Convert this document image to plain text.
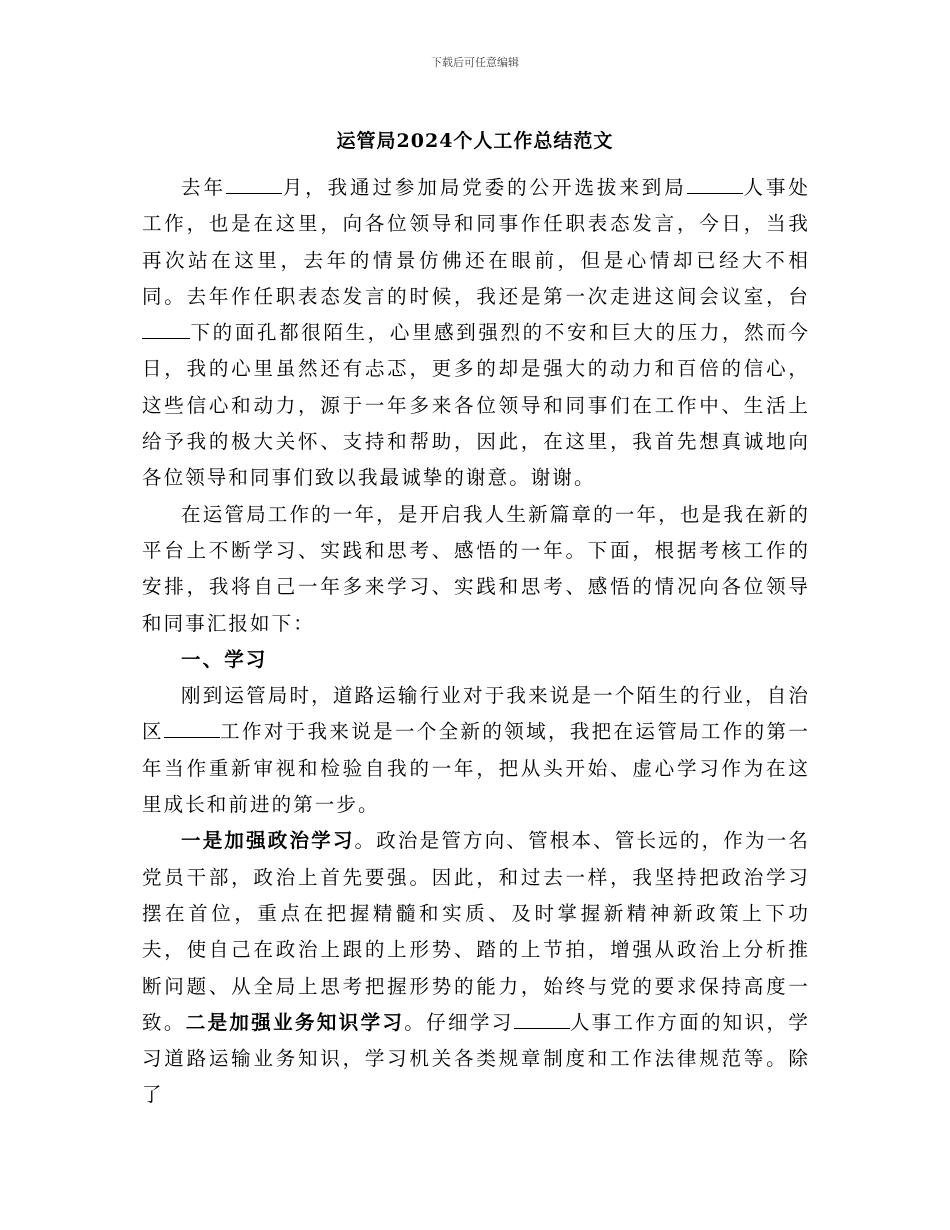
下载后可任意编辑
运管局2024个人工作总结范文

去年	月，我通过参加局党委的公开选拔来到局	人事处工作，也是在这里，向各位领导和同事作任职表态发言，今日，当我再次站在这里，去年的情景仿佛还在眼前，但是心情却已经大不相同。去年作任职表态发言的时候，我还是第一次走进这间会议室，台下的面孔都很陌生，心里感到强烈的不安和巨大的压力，然而今日，我的心里虽然还有忐忑，更多的却是强大的动力和百倍的信心，这些信心和动力，源于一年多来各位领导和同事们在工作中、生活上给予我的极大关怀、支持和帮助，因此，在这里，我首先想真诚地向各位领导和同事们致以我最诚挚的谢意。谢谢。

在运管局工作的一年，是开启我人生新篇章的一年，也是我在新的平台上不断学习、实践和思考、感悟的一年。下面，根据考核工作的安排，我将自己一年多来学习、实践和思考、感悟的情况向各位领导和同事汇报如下：

一、学习

刚到运管局时，道路运输行业对于我来说是一个陌生的行业，自治区	工作对于我来说是一个全新的领域，我把在运管局工作的第一年当作重新审视和检验自我的一年，把从头开始、虚心学习作为在这里成长和前进的第一步。

一是加强政治学习。政治是管方向、管根本、管长远的，作为一名党员干部，政治上首先要强。因此，和过去一样，我坚持把政治学习摆在首位，重点在把握精髓和实质、及时掌握新精神新政策上下功夫，使自己在政治上跟的上形势、踏的上节拍，增强从政治上分析推断问题、从全局上思考把握形势的能力，始终与党的要求保持高度一致。二是加强业务知识学习。仔细学习	人事工作方面的知识，学习道路运输业务知识，学习机关各类规章制度和工作法律规范等。除了
